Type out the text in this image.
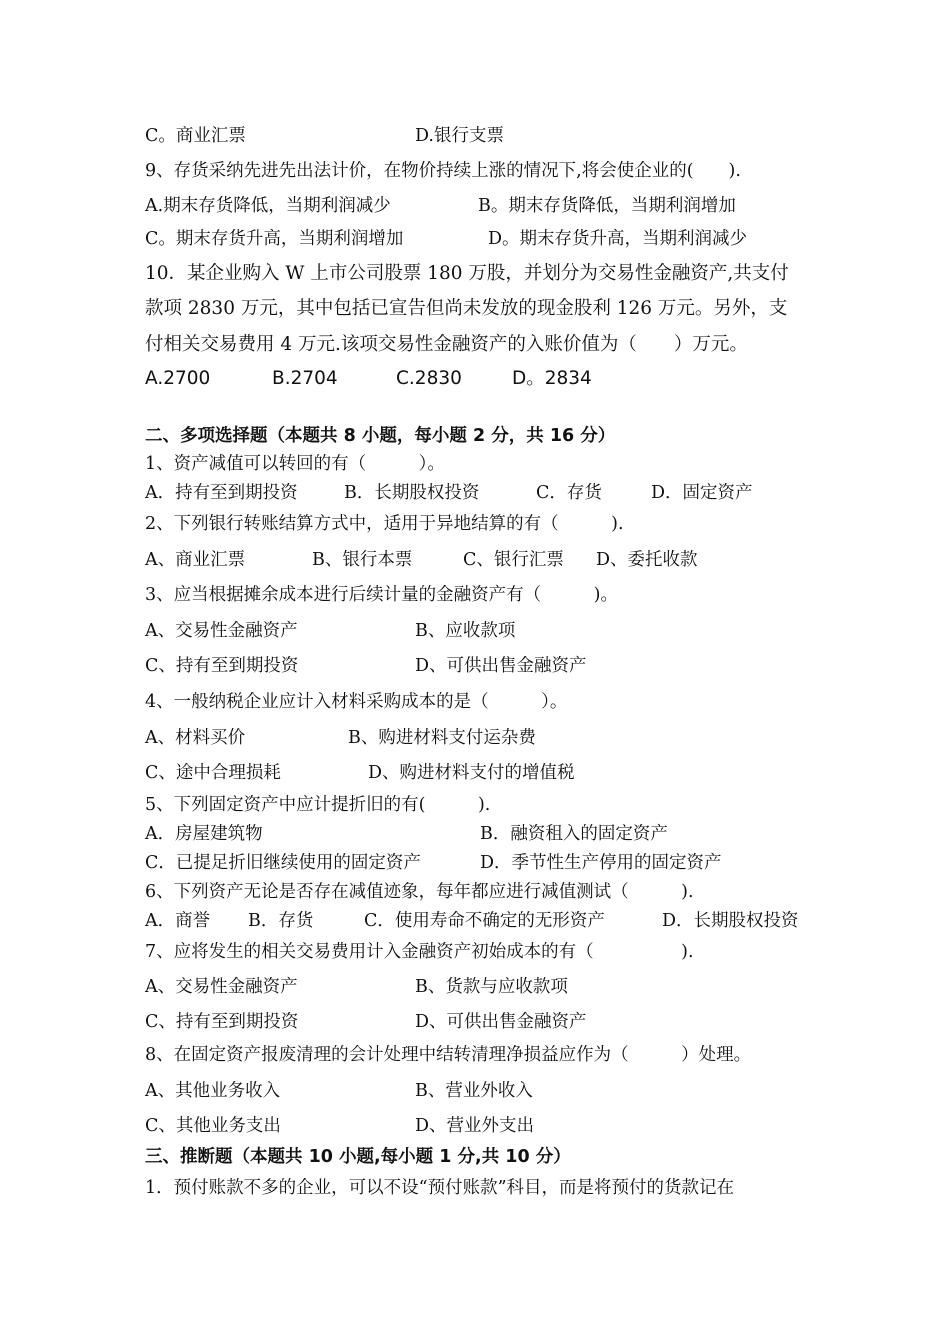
C。商业汇票	D.银行支票
9、存货采纳先进先出法计价，在物价持续上涨的情况下,将会使企业的(　　).
A.期末存货降低，当期利润减少	B。期末存货降低，当期利润增加
C。期末存货升高，当期利润增加	D。期末存货升高，当期利润减少
10．某企业购入 W 上市公司股票 180 万股，并划分为交易性金融资产,共支付
款项 2830 万元，其中包括已宣告但尚未发放的现金股利 126 万元。另外，支
付相关交易费用 4 万元.该项交易性金融资产的入账价值为（　　）万元。
A.2700	B.2704	C.2830	D。2834
二、多项选择题（本题共 8 小题，每小题 2 分，共 16 分）
1、资产减值可以转回的有（　　　）。
A．持有至到期投资	B．长期股权投资	C．存货	D．固定资产
2、下列银行转账结算方式中，适用于异地结算的有（　　　).
A、商业汇票	B、银行本票	C、银行汇票 D、委托收款
3、应当根据摊余成本进行后续计量的金融资产有（　　　)。
A、交易性金融资产	B、应收款项
C、持有至到期投资	D、可供出售金融资产
4、一般纳税企业应计入材料采购成本的是（　　　）。
A、材料买价	B、购进材料支付运杂费
C、途中合理损耗	D、购进材料支付的增值税
5、下列固定资产中应计提折旧的有(　　　).
A．房屋建筑物	B．融资租入的固定资产
C．已提足折旧继续使用的固定资产	D．季节性生产停用的固定资产
6、下列资产无论是否存在减值迹象，每年都应进行减值测试（　　　).
A．商誉 B．存货	C．使用寿命不确定的无形资产	D．长期股权投资
7、应将发生的相关交易费用计入金融资产初始成本的有（　　　　　).
A、交易性金融资产	B、货款与应收款项
C、持有至到期投资	D、可供出售金融资产
8、在固定资产报废清理的会计处理中结转清理净损益应作为（　　　）处理。
A、其他业务收入	B、营业外收入
C、其他业务支出	D、营业外支出
三、推断题（本题共 10 小题,每小题 1 分,共 10 分）
1．预付账款不多的企业，可以不设“预付账款”科目，而是将预付的货款记在
